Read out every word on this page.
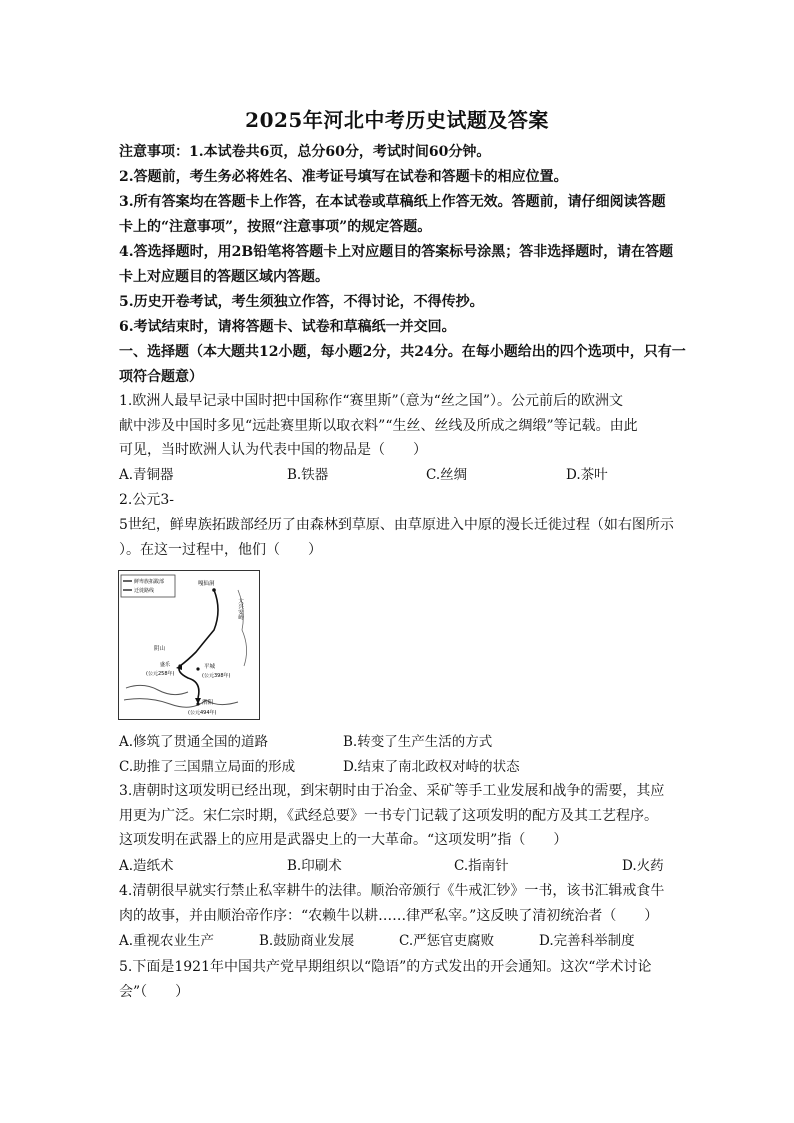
2025年河北中考历史试题及答案
注意事项：1.本试卷共6页，总分60分，考试时间60分钟。
2.答题前，考生务必将姓名、准考证号填写在试卷和答题卡的相应位置。
3.所有答案均在答题卡上作答，在本试卷或草稿纸上作答无效。答题前，请仔细阅读答题
卡上的“注意事项”，按照“注意事项”的规定答题。
4.答选择题时，用2B铅笔将答题卡上对应题目的答案标号涂黑；答非选择题时，请在答题
卡上对应题目的答题区域内答题。
5.历史开卷考试，考生须独立作答，不得讨论，不得传抄。
6.考试结束时，请将答题卡、试卷和草稿纸一并交回。
一、选择题（本大题共12小题，每小题2分，共24分。在每小题给出的四个选项中，只有一
项符合题意）
1.欧洲人最早记录中国时把中国称作“赛里斯”（意为“丝之国”）。公元前后的欧洲文
献中涉及中国时多见“远赴赛里斯以取衣料”“生丝、丝线及所成之绸缎”等记载。由此
可见，当时欧洲人认为代表中国的物品是（　　）
A.青铜器	B.铁器	C.丝绸	D.茶叶
2.公元3-
5世纪，鲜卑族拓跋部经历了由森林到草原、由草原进入中原的漫长迁徙过程（如右图所示
）。在这一过程中，他们（　　）
鲜卑族拓跋部
迁徙路线
嘎仙洞
大兴安岭
阴山
盛乐
(公元258年)
平城
(公元398年)
洛阳
(公元494年)
A.修筑了贯通全国的道路	B.转变了生产生活的方式
C.助推了三国鼎立局面的形成	D.结束了南北政权对峙的状态
3.唐朝时这项发明已经出现，到宋朝时由于冶金、采矿等手工业发展和战争的需要，其应
用更为广泛。宋仁宗时期，《武经总要》一书专门记载了这项发明的配方及其工艺程序。
这项发明在武器上的应用是武器史上的一大革命。“这项发明”指（　　）
A.造纸术	B.印刷术	C.指南针	D.火药
4.清朝很早就实行禁止私宰耕牛的法律。顺治帝颁行《牛戒汇钞》一书，该书汇辑戒食牛
肉的故事，并由顺治帝作序：“农赖牛以耕……律严私宰。”这反映了清初统治者（　　）
A.重视农业生产	B.鼓励商业发展	C.严惩官吏腐败	D.完善科举制度
5.下面是1921年中国共产党早期组织以“隐语”的方式发出的开会通知。这次“学术讨论
会”（　　）
